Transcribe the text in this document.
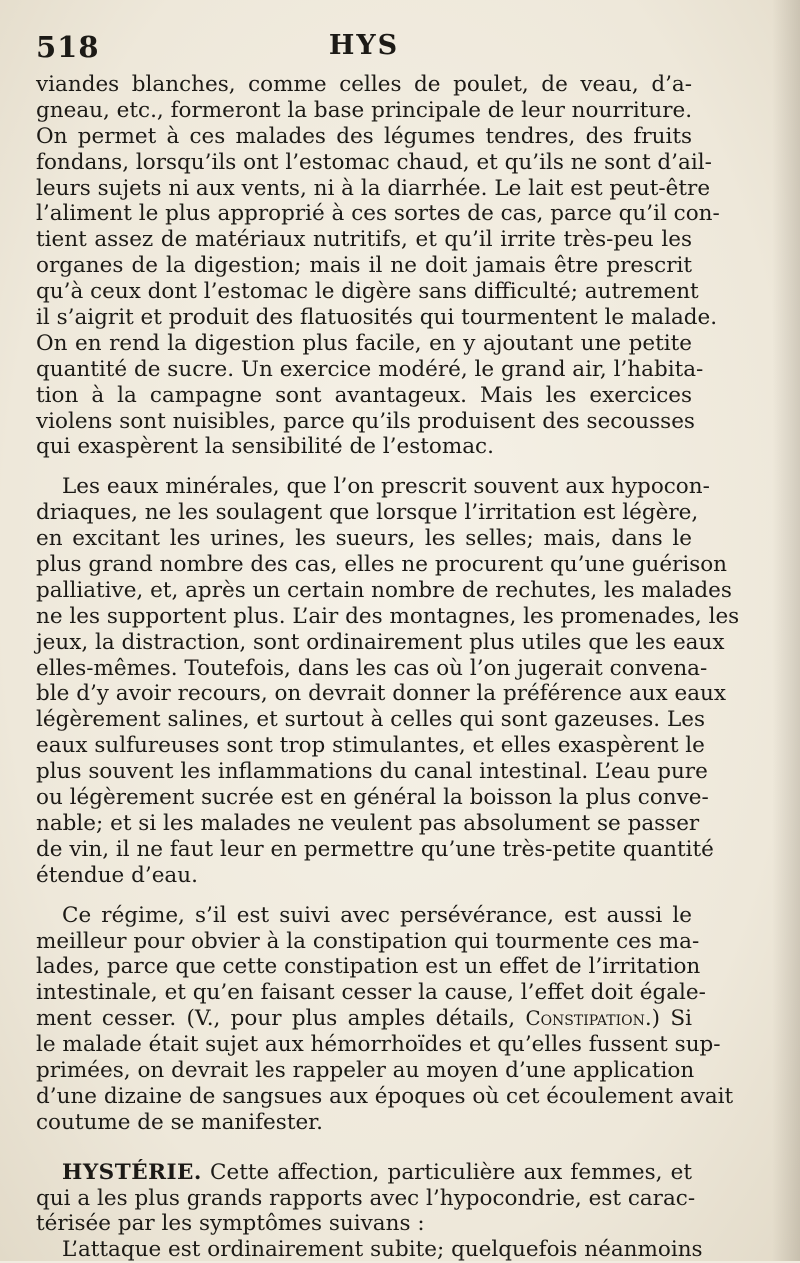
518	HYS
viandes blanches, comme celles de poulet, de veau, d’a-
gneau, etc., formeront la base principale de leur nourriture.
On permet à ces malades des légumes tendres, des fruits
fondans, lorsqu’ils ont l’estomac chaud, et qu’ils ne sont d’ail-
leurs sujets ni aux vents, ni à la diarrhée. Le lait est peut-être
l’aliment le plus approprié à ces sortes de cas, parce qu’il con-
tient assez de matériaux nutritifs, et qu’il irrite très-peu les
organes de la digestion; mais il ne doit jamais être prescrit
qu’à ceux dont l’estomac le digère sans difficulté; autrement
il s’aigrit et produit des flatuosités qui tourmentent le malade.
On en rend la digestion plus facile, en y ajoutant une petite
quantité de sucre. Un exercice modéré, le grand air, l’habita-
tion à la campagne sont avantageux. Mais les exercices
violens sont nuisibles, parce qu’ils produisent des secousses
qui exaspèrent la sensibilité de l’estomac.
Les eaux minérales, que l’on prescrit souvent aux hypocon-
driaques, ne les soulagent que lorsque l’irritation est légère,
en excitant les urines, les sueurs, les selles; mais, dans le
plus grand nombre des cas, elles ne procurent qu’une guérison
palliative, et, après un certain nombre de rechutes, les malades
ne les supportent plus. L’air des montagnes, les promenades, les
jeux, la distraction, sont ordinairement plus utiles que les eaux
elles-mêmes. Toutefois, dans les cas où l’on jugerait convena-
ble d’y avoir recours, on devrait donner la préférence aux eaux
légèrement salines, et surtout à celles qui sont gazeuses. Les
eaux sulfureuses sont trop stimulantes, et elles exaspèrent le
plus souvent les inflammations du canal intestinal. L’eau pure
ou légèrement sucrée est en général la boisson la plus conve-
nable; et si les malades ne veulent pas absolument se passer
de vin, il ne faut leur en permettre qu’une très-petite quantité
étendue d’eau.
Ce régime, s’il est suivi avec persévérance, est aussi le
meilleur pour obvier à la constipation qui tourmente ces ma-
lades, parce que cette constipation est un effet de l’irritation
intestinale, et qu’en faisant cesser la cause, l’effet doit égale-
ment cesser. (V., pour plus amples détails, Constipation.) Si
le malade était sujet aux hémorrhoïdes et qu’elles fussent sup-
primées, on devrait les rappeler au moyen d’une application
d’une dizaine de sangsues aux époques où cet écoulement avait
coutume de se manifester.
HYSTÉRIE. Cette affection, particulière aux femmes, et
qui a les plus grands rapports avec l’hypocondrie, est carac-
térisée par les symptômes suivans :
L’attaque est ordinairement subite; quelquefois néanmoins
